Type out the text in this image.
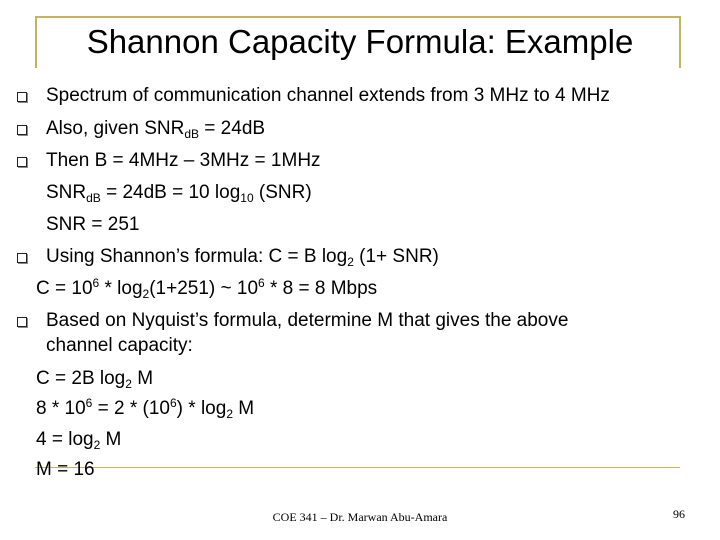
Shannon Capacity Formula: Example
Spectrum of communication channel extends from 3 MHz to 4 MHz
Also, given $SNR_{dB} = 24dB$
Then B = 4MHz – 3MHz = 1MHz
$SNR_{dB} = 24dB = 10$ $\log_{10} (SNR)$
SNR = 251
Using Shannon’s formula: C = B $\log_2 (1+ SNR)$
$C = 10^6 * \log_2(1+251)$ ~ $10^6 * 8 = 8$ Mbps
Based on Nyquist’s formula, determine M that gives the above
channel capacity:
C = 2B $\log_2 M$
$8 * 10^6 = 2 * (10^6) * \log_2 M$
$4 = \log_2 M$
M = 16
COE 341 – Dr. Marwan Abu-Amara	96
